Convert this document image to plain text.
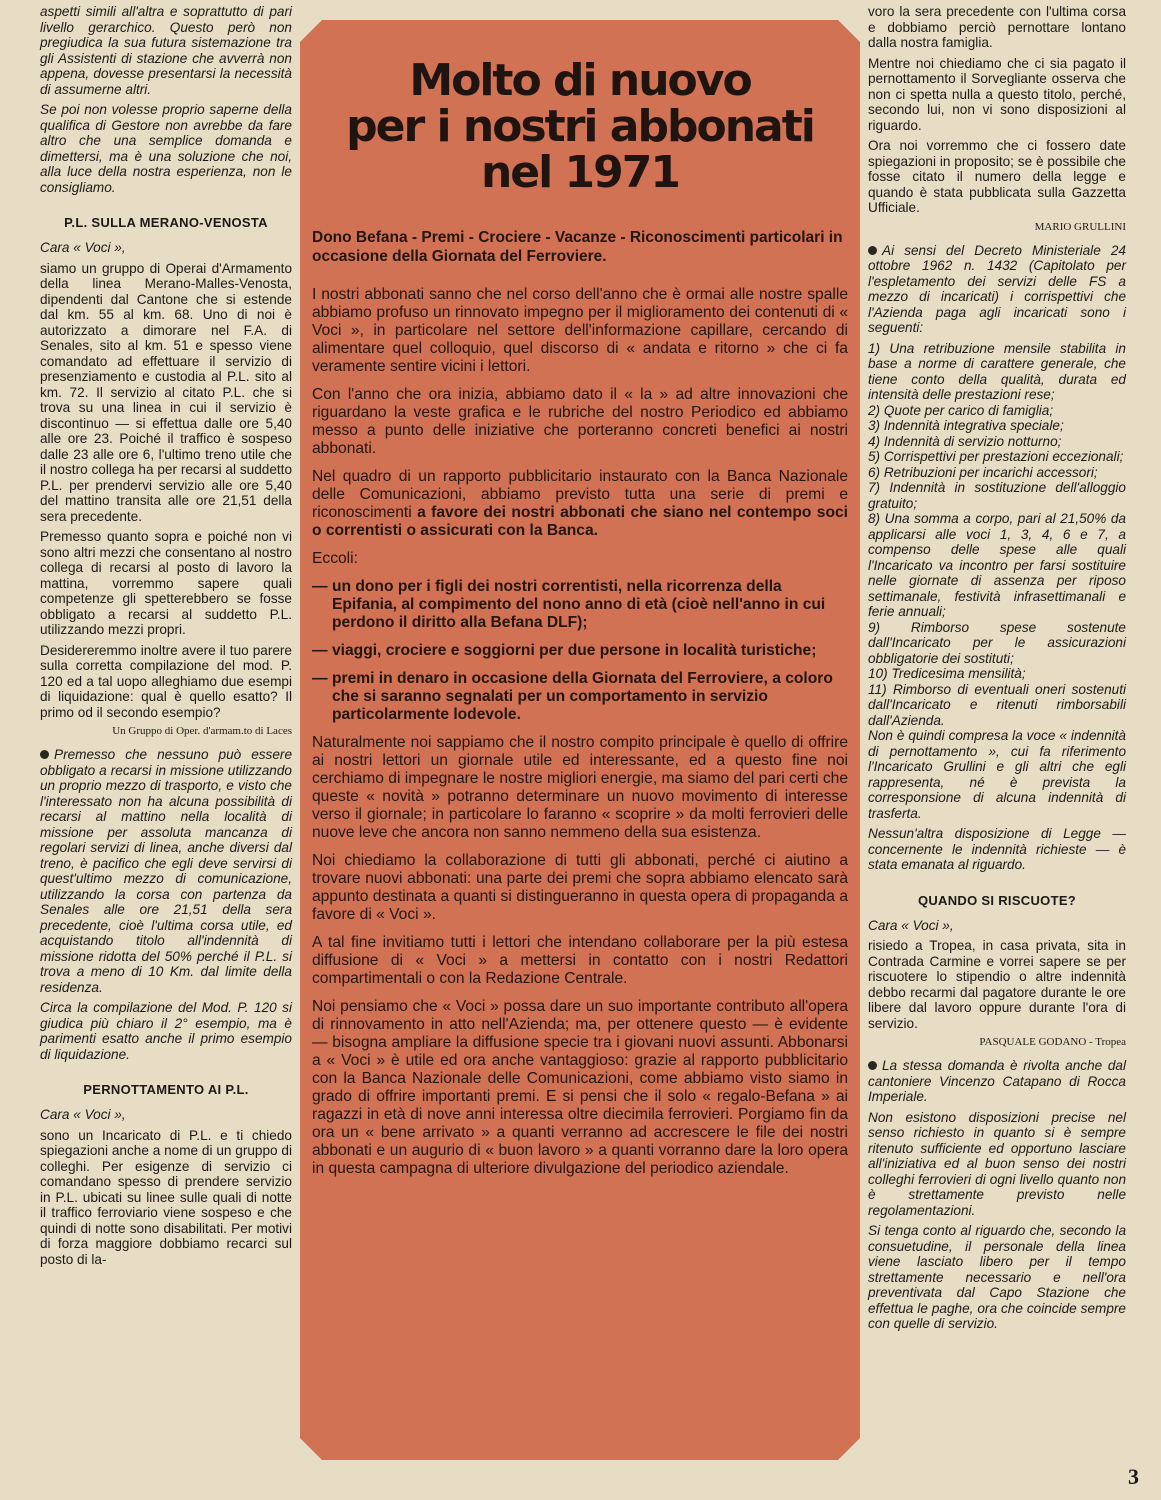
aspetti simili all'altra e soprattutto di pari livello gerarchico. Questo però non pregiudica la sua futura sistemazione tra gli Assistenti di stazione che avverrà non appena, dovesse presentarsi la necessità di assumerne altri.

Se poi non volesse proprio saperne della qualifica di Gestore non avrebbe da fare altro che una semplice domanda e dimettersi, ma è una soluzione che noi, alla luce della nostra esperienza, non le consigliamo.

P.L. SULLA MERANO-VENOSTA

Cara « Voci »,

siamo un gruppo di Operai d'Armamento della linea Merano-Malles-Venosta, dipendenti dal Cantone che si estende dal km. 55 al km. 68. Uno di noi è autorizzato a dimorare nel F.A. di Senales, sito al km. 51 e spesso viene comandato ad effettuare il servizio di presenziamento e custodia al P.L. sito al km. 72. Il servizio al citato P.L. che si trova su una linea in cui il servizio è discontinuo — si effettua dalle ore 5,40 alle ore 23. Poiché il traffico è sospeso dalle 23 alle ore 6, l'ultimo treno utile che il nostro collega ha per recarsi al suddetto P.L. per prendervi servizio alle ore 5,40 del mattino transita alle ore 21,51 della sera precedente.

Premesso quanto sopra e poiché non vi sono altri mezzi che consentano al nostro collega di recarsi al posto di lavoro la mattina, vorremmo sapere quali competenze gli spetterebbero se fosse obbligato a recarsi al suddetto P.L. utilizzando mezzi propri.

Desidereremmo inoltre avere il tuo parere sulla corretta compilazione del mod. P. 120 ed a tal uopo alleghiamo due esempi di liquidazione: qual è quello esatto? Il primo od il secondo esempio?

Un Gruppo di Oper. d'armam.to di Laces

Premesso che nessuno può essere obbligato a recarsi in missione utilizzando un proprio mezzo di trasporto, e visto che l'interessato non ha alcuna possibilità di recarsi al mattino nella località di missione per assoluta mancanza di regolari servizi di linea, anche diversi dal treno, è pacifico che egli deve servirsi di quest'ultimo mezzo di comunicazione, utilizzando la corsa con partenza da Senales alle ore 21,51 della sera precedente, cioè l'ultima corsa utile, ed acquistando titolo all'indennità di missione ridotta del 50% perché il P.L. si trova a meno di 10 Km. dal limite della residenza.

Circa la compilazione del Mod. P. 120 si giudica più chiaro il 2° esempio, ma è parimenti esatto anche il primo esempio di liquidazione.

PERNOTTAMENTO AI P.L.

Cara « Voci »,

sono un Incaricato di P.L. e ti chiedo spiegazioni anche a nome di un gruppo di colleghi. Per esigenze di servizio ci comandano spesso di prendere servizio in P.L. ubicati su linee sulle quali di notte il traffico ferroviario viene sospeso e che quindi di notte sono disabilitati. Per motivi di forza maggiore dobbiamo recarci sul posto di la-

Molto di nuovo
per i nostri abbonati
nel 1971
Dono Befana - Premi - Crociere - Vacanze - Riconoscimenti particolari in occasione della Giornata del Ferroviere.

I nostri abbonati sanno che nel corso dell'anno che è ormai alle nostre spalle abbiamo profuso un rinnovato impegno per il miglioramento dei contenuti di « Voci », in particolare nel settore dell'informazione capillare, cercando di alimentare quel colloquio, quel discorso di « andata e ritorno » che ci fa veramente sentire vicini i lettori.

Con l'anno che ora inizia, abbiamo dato il « la » ad altre innovazioni che riguardano la veste grafica e le rubriche del nostro Periodico ed abbiamo messo a punto delle iniziative che porteranno concreti benefici ai nostri abbonati.

Nel quadro di un rapporto pubblicitario instaurato con la Banca Nazionale delle Comunicazioni, abbiamo previsto tutta una serie di premi e riconoscimenti a favore dei nostri abbonati che siano nel contempo soci o correntisti o assicurati con la Banca.

Eccoli:

— un dono per i figli dei nostri correntisti, nella ricorrenza della Epifania, al compimento del nono anno di età (cioè nell'anno in cui perdono il diritto alla Befana DLF);
— viaggi, crociere e soggiorni per due persone in località turistiche;
— premi in denaro in occasione della Giornata del Ferroviere, a coloro che si saranno segnalati per un comportamento in servizio particolarmente lodevole.

Naturalmente noi sappiamo che il nostro compito principale è quello di offrire ai nostri lettori un giornale utile ed interessante, ed a questo fine noi cerchiamo di impegnare le nostre migliori energie, ma siamo del pari certi che queste « novità » potranno determinare un nuovo movimento di interesse verso il giornale; in particolare lo faranno « scoprire » da molti ferrovieri delle nuove leve che ancora non sanno nemmeno della sua esistenza.

Noi chiediamo la collaborazione di tutti gli abbonati, perché ci aiutino a trovare nuovi abbonati: una parte dei premi che sopra abbiamo elencato sarà appunto destinata a quanti si distingueranno in questa opera di propaganda a favore di « Voci ».

A tal fine invitiamo tutti i lettori che intendano collaborare per la più estesa diffusione di « Voci » a mettersi in contatto con i nostri Redattori compartimentali o con la Redazione Centrale.

Noi pensiamo che « Voci » possa dare un suo importante contributo all'opera di rinnovamento in atto nell'Azienda; ma, per ottenere questo — è evidente — bisogna ampliare la diffusione specie tra i giovani nuovi assunti. Abbonarsi a « Voci » è utile ed ora anche vantaggioso: grazie al rapporto pubblicitario con la Banca Nazionale delle Comunicazioni, come abbiamo visto siamo in grado di offrire importanti premi. E si pensi che il solo « regalo-Befana » ai ragazzi in età di nove anni interessa oltre diecimila ferrovieri. Porgiamo fin da ora un « bene arrivato » a quanti verranno ad accrescere le file dei nostri abbonati e un augurio di « buon lavoro » a quanti vorranno dare la loro opera in questa campagna di ulteriore divulgazione del periodico aziendale.

voro la sera precedente con l'ultima corsa e dobbiamo perciò pernottare lontano dalla nostra famiglia.

Mentre noi chiediamo che ci sia pagato il pernottamento il Sorvegliante osserva che non ci spetta nulla a questo titolo, perché, secondo lui, non vi sono disposizioni al riguardo.

Ora noi vorremmo che ci fossero date spiegazioni in proposito; se è possibile che fosse citato il numero della legge e quando è stata pubblicata sulla Gazzetta Ufficiale.

MARIO GRULLINI

Ai sensi del Decreto Ministeriale 24 ottobre 1962 n. 1432 (Capitolato per l'espletamento dei servizi delle FS a mezzo di incaricati) i corrispettivi che l'Azienda paga agli incaricati sono i seguenti:

1) Una retribuzione mensile stabilita in base a norme di carattere generale, che tiene conto della qualità, durata ed intensità delle prestazioni rese;

2) Quote per carico di famiglia;

3) Indennità integrativa speciale;

4) Indennità di servizio notturno;

5) Corrispettivi per prestazioni eccezionali;

6) Retribuzioni per incarichi accessori;

7) Indennità in sostituzione dell'alloggio gratuito;

8) Una somma a corpo, pari al 21,50% da applicarsi alle voci 1, 3, 4, 6 e 7, a compenso delle spese alle quali l'Incaricato va incontro per farsi sostituire nelle giornate di assenza per riposo settimanale, festività infrasettimanali e ferie annuali;

9) Rimborso spese sostenute dall'Incaricato per le assicurazioni obbligatorie dei sostituti;

10) Tredicesima mensilità;

11) Rimborso di eventuali oneri sostenuti dall'Incaricato e ritenuti rimborsabili dall'Azienda.

Non è quindi compresa la voce « indennità di pernottamento », cui fa riferimento l'Incaricato Grullini e gli altri che egli rappresenta, né è prevista la corresponsione di alcuna indennità di trasferta.

Nessun'altra disposizione di Legge — concernente le indennità richieste — è stata emanata al riguardo.

QUANDO SI RISCUOTE?

Cara « Voci »,

risiedo a Tropea, in casa privata, sita in Contrada Carmine e vorrei sapere se per riscuotere lo stipendio o altre indennità debbo recarmi dal pagatore durante le ore libere dal lavoro oppure durante l'ora di servizio.

PASQUALE GODANO - Tropea

La stessa domanda è rivolta anche dal cantoniere Vincenzo Catapano di Rocca Imperiale.

Non esistono disposizioni precise nel senso richiesto in quanto si è sempre ritenuto sufficiente ed opportuno lasciare all'iniziativa ed al buon senso dei nostri colleghi ferrovieri di ogni livello quanto non è strettamente previsto nelle regolamentazioni.

Si tenga conto al riguardo che, secondo la consuetudine, il personale della linea viene lasciato libero per il tempo strettamente necessario e nell'ora preventivata dal Capo Stazione che effettua le paghe, ora che coincide sempre con quelle di servizio.

3
